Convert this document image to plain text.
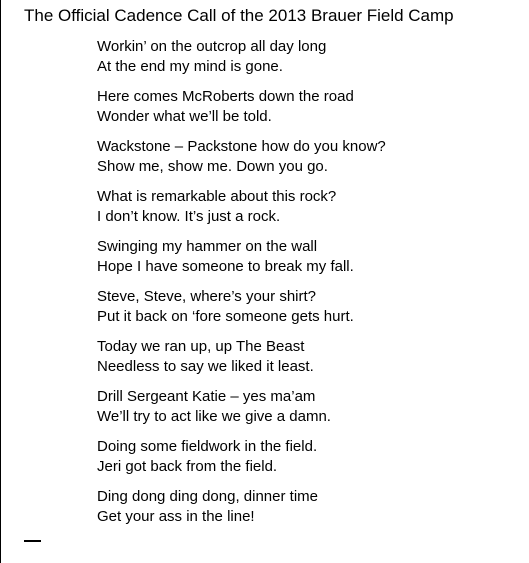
The Official Cadence Call of the 2013 Brauer Field Camp
Workin’ on the outcrop all day long
At the end my mind is gone.
Here comes McRoberts down the road
Wonder what we’ll be told.
Wackstone – Packstone how do you know?
Show me, show me. Down you go.
What is remarkable about this rock?
I don’t know. It’s just a rock.
Swinging my hammer on the wall
Hope I have someone to break my fall.
Steve, Steve, where’s your shirt?
Put it back on ‘fore someone gets hurt.
Today we ran up, up The Beast
Needless to say we liked it least.
Drill Sergeant Katie – yes ma’am
We’ll try to act like we give a damn.
Doing some fieldwork in the field.
Jeri got back from the field.
Ding dong ding dong, dinner time
Get your ass in the line!
